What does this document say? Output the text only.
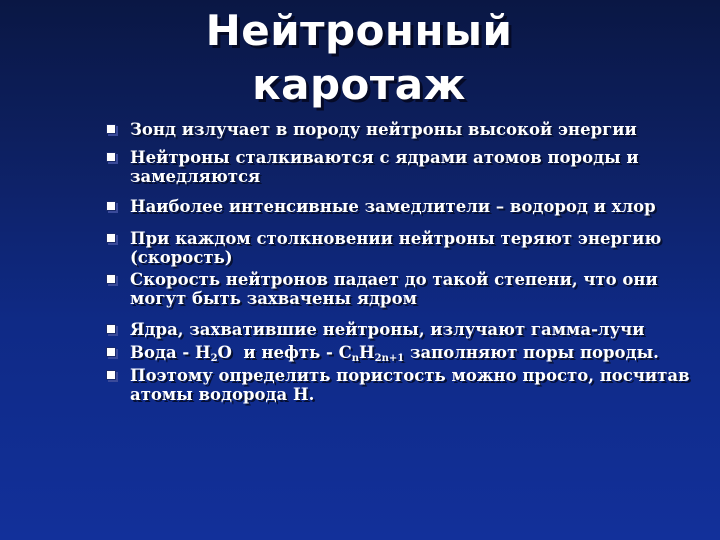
Нейтронный
каротаж
Зонд излучает в породу нейтроны высокой энергии
Нейтроны сталкиваются с ядрами атомов породы и замедляются
Наиболее интенсивные замедлители – водород и хлор
При каждом столкновении нейтроны теряют энергию (скорость)
Скорость нейтронов падает до такой степени, что они могут быть захвачены ядром
Ядра, захватившие нейтроны, излучают гамма-лучи
Вода - $Н_2О$  и нефть - $С_nН_{2n+1}$ заполняют поры породы.
Поэтому определить пористость можно просто, посчитав атомы водорода Н.
